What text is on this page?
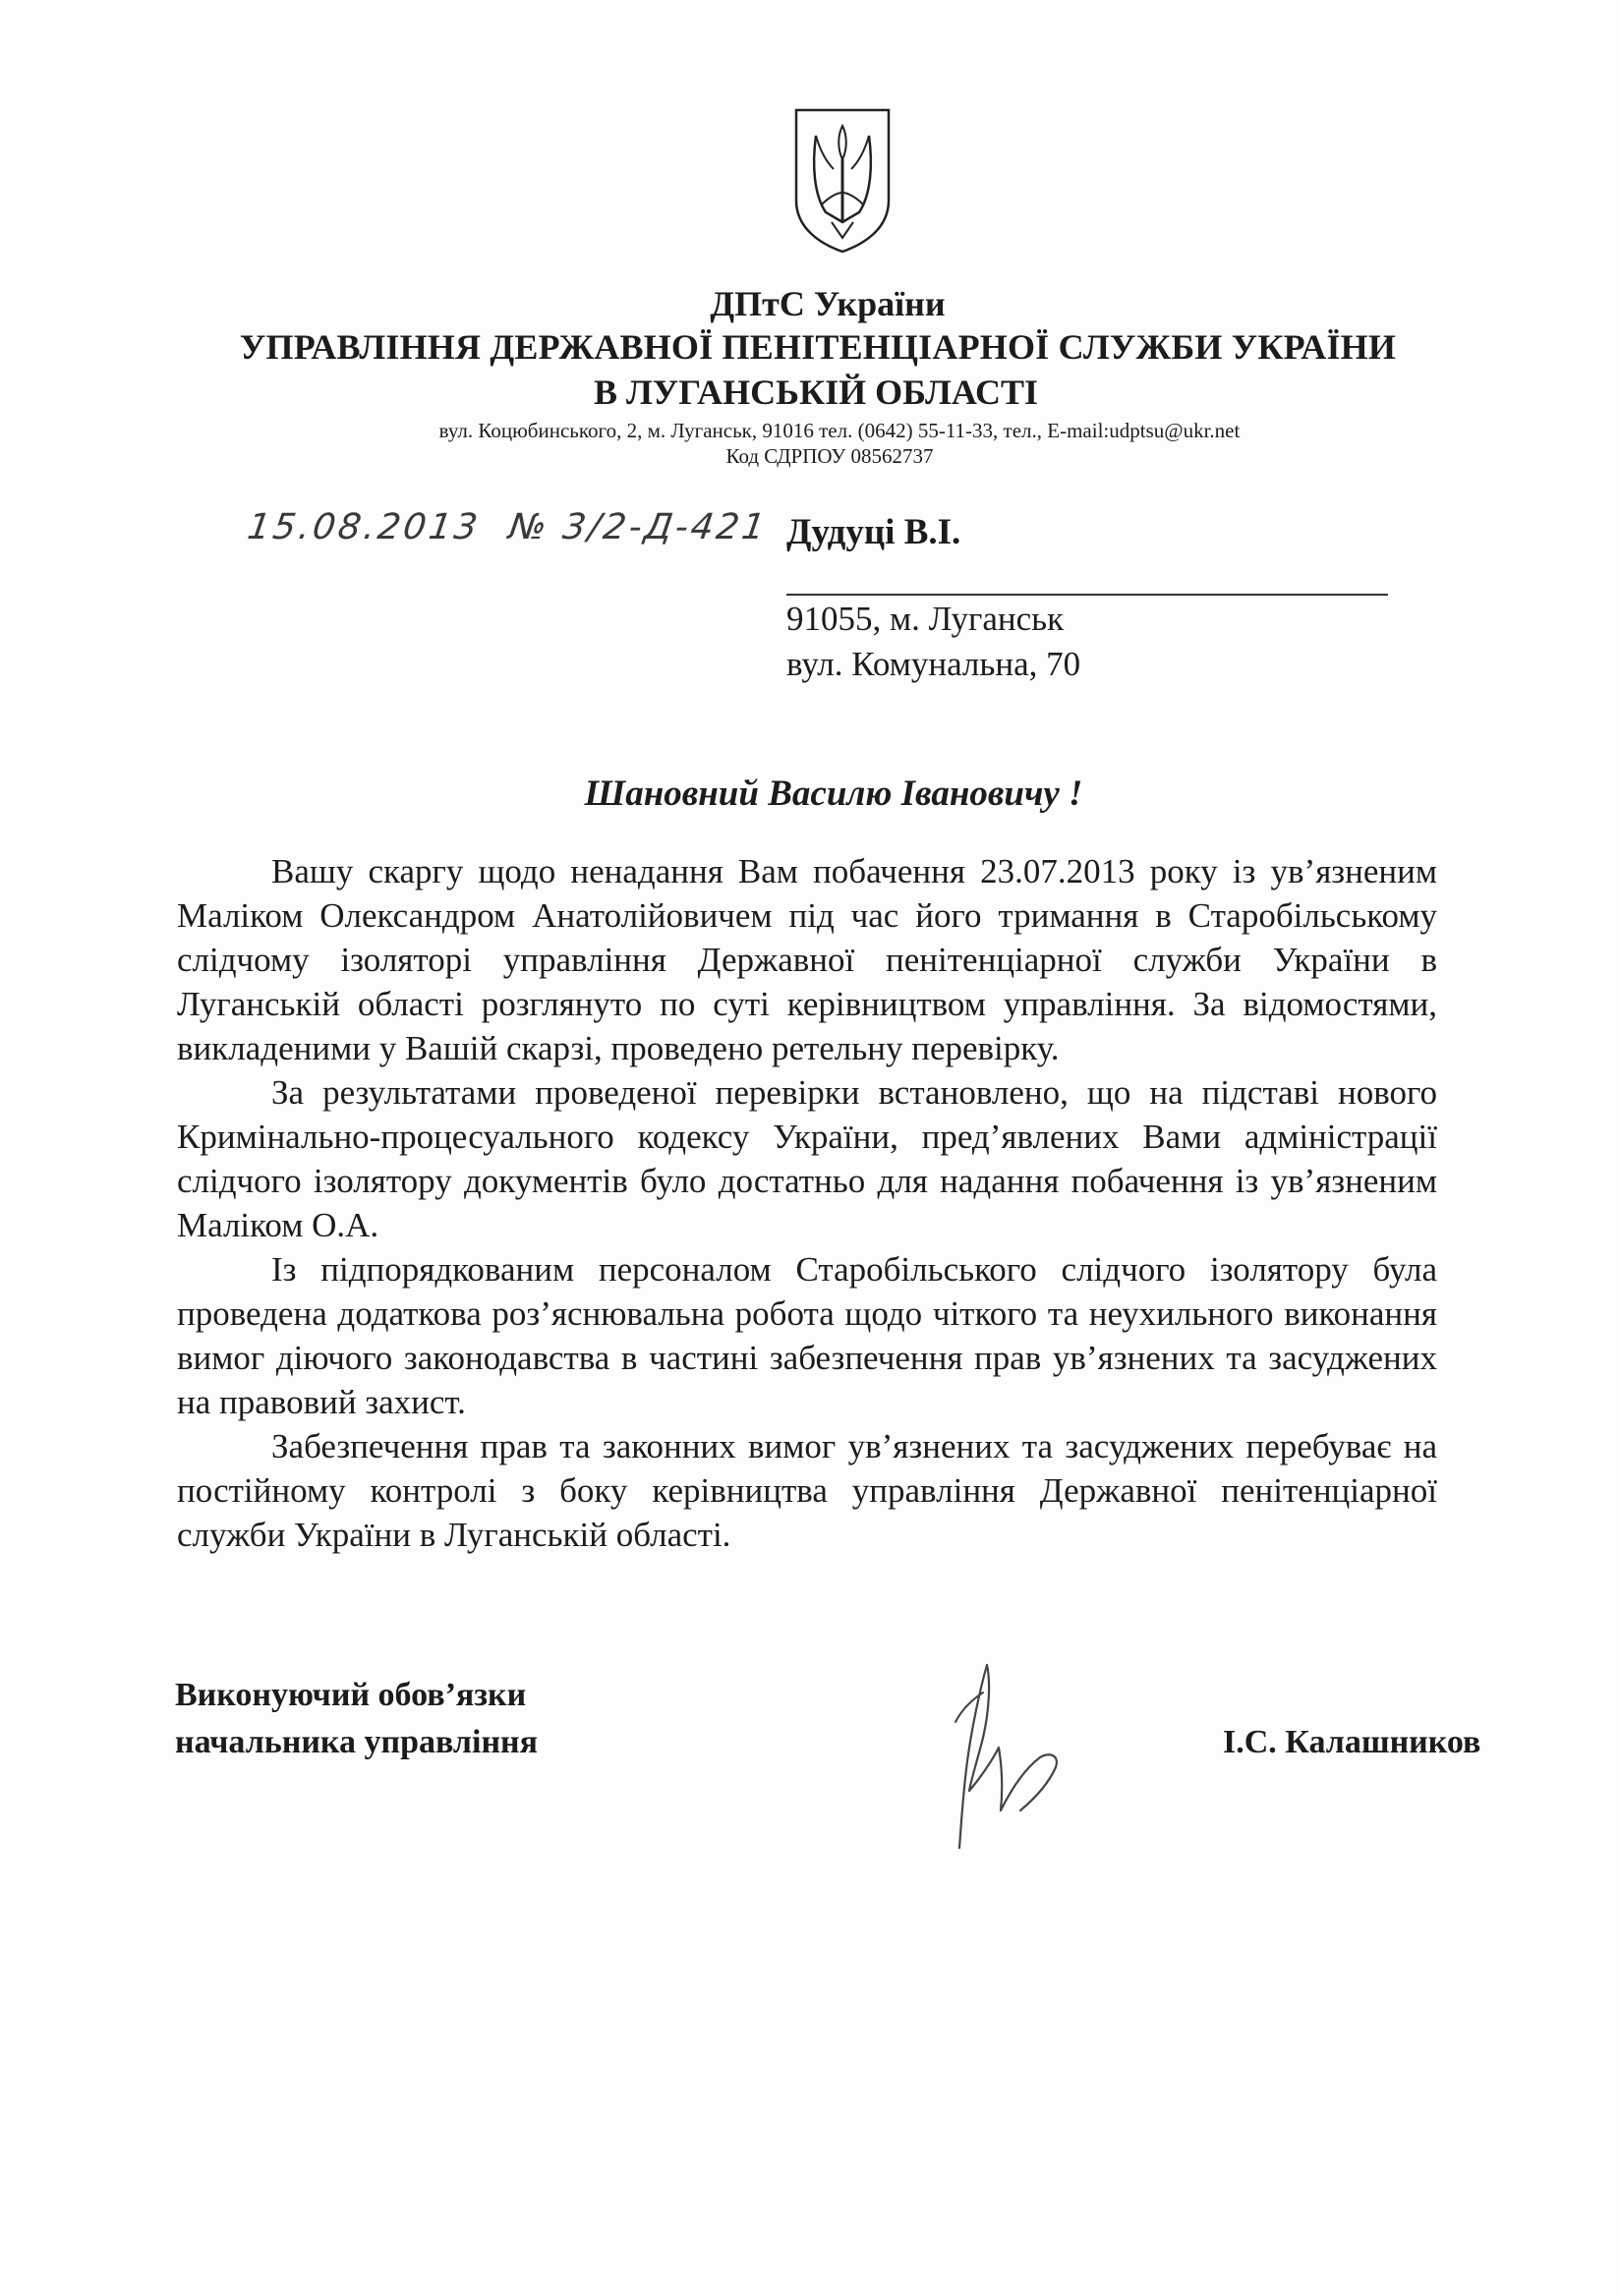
ДПтС України
УПРАВЛІННЯ ДЕРЖАВНОЇ ПЕНІТЕНЦІАРНОЇ СЛУЖБИ УКРАЇНИ
В ЛУГАНСЬКІЙ ОБЛАСТІ
вул. Коцюбинського, 2, м. Луганськ, 91016 тел. (0642) 55-11-33, тел., E-mail:udptsu@ukr.net
Код СДРПОУ 08562737
15.08.2013 № 3/2-Д-421 Дудуці В.І.
91055, м. Луганськ
вул. Комунальна, 70
Шановний Василю Івановичу !

Вашу скаргу щодо ненадання Вам побачення 23.07.2013 року із ув’язненим Маліком Олександром Анатолійовичем під час його тримання в Старобільському слідчому ізоляторі управління Державної пенітенціарної служби України в Луганській області розглянуто по суті керівництвом управління. За відомостями, викладеними у Вашій скарзі, проведено ретельну перевірку.

За результатами проведеної перевірки встановлено, що на підставі нового Кримінально-процесуального кодексу України, пред’явлених Вами адміністрації слідчого ізолятору документів було достатньо для надання побачення із ув’язненим Маліком О.А.

Із підпорядкованим персоналом Старобільського слідчого ізолятору була проведена додаткова роз’яснювальна робота щодо чіткого та неухильного виконання вимог діючого законодавства в частині забезпечення прав ув’язнених та засуджених на правовий захист.

Забезпечення прав та законних вимог ув’язнених та засуджених перебуває на постійному контролі з боку керівництва управління Державної пенітенціарної служби України в Луганській області.

Виконуючий обов’язки
начальника управління	І.С. Калашников
